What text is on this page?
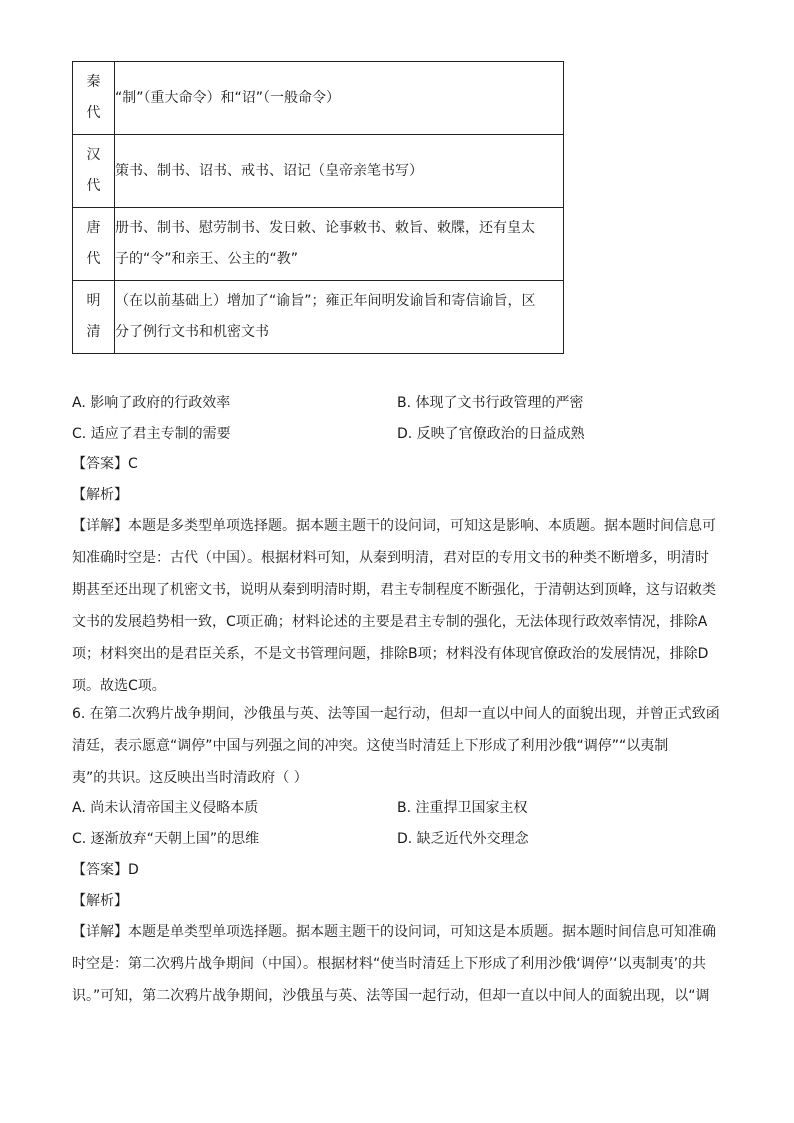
秦
代	“制”（重大命令）和“诏”（一般命令）

汉
代	策书、制书、诏书、戒书、诏记（皇帝亲笔书写）

唐
代	册书、制书、慰劳制书、发日敕、论事敕书、敕旨、敕牒，还有皇太
子的“令”和亲王、公主的“教”

明
清	（在以前基础上）增加了“谕旨”；雍正年间明发谕旨和寄信谕旨，区
分了例行文书和机密文书
A. 影响了政府的行政效率	B. 体现了文书行政管理的严密
C. 适应了君主专制的需要	D. 反映了官僚政治的日益成熟
【答案】C
【解析】
【详解】本题是多类型单项选择题。据本题主题干的设问词，可知这是影响、本质题。据本题时间信息可
知准确时空是：古代（中国）。根据材料可知，从秦到明清，君对臣的专用文书的种类不断增多，明清时
期甚至还出现了机密文书，说明从秦到明清时期，君主专制程度不断强化，于清朝达到顶峰，这与诏敕类
文书的发展趋势相一致，C项正确；材料论述的主要是君主专制的强化，无法体现行政效率情况，排除A
项；材料突出的是君臣关系，不是文书管理问题，排除B项；材料没有体现官僚政治的发展情况，排除D
项。故选C项。
6. 在第二次鸦片战争期间，沙俄虽与英、法等国一起行动，但却一直以中间人的面貌出现，并曾正式致函
清廷，表示愿意“调停”中国与列强之间的冲突。这使当时清廷上下形成了利用沙俄“调停”“以夷制
夷”的共识。这反映出当时清政府（ ）
A. 尚未认清帝国主义侵略本质	B. 注重捍卫国家主权
C. 逐渐放弃“天朝上国”的思维	D. 缺乏近代外交理念
【答案】D
【解析】
【详解】本题是单类型单项选择题。据本题主题干的设问词，可知这是本质题。据本题时间信息可知准确
时空是：第二次鸦片战争期间（中国）。根据材料“使当时清廷上下形成了利用沙俄‘调停’‘以夷制夷’的共
识。”可知，第二次鸦片战争期间，沙俄虽与英、法等国一起行动，但却一直以中间人的面貌出现，以“调
